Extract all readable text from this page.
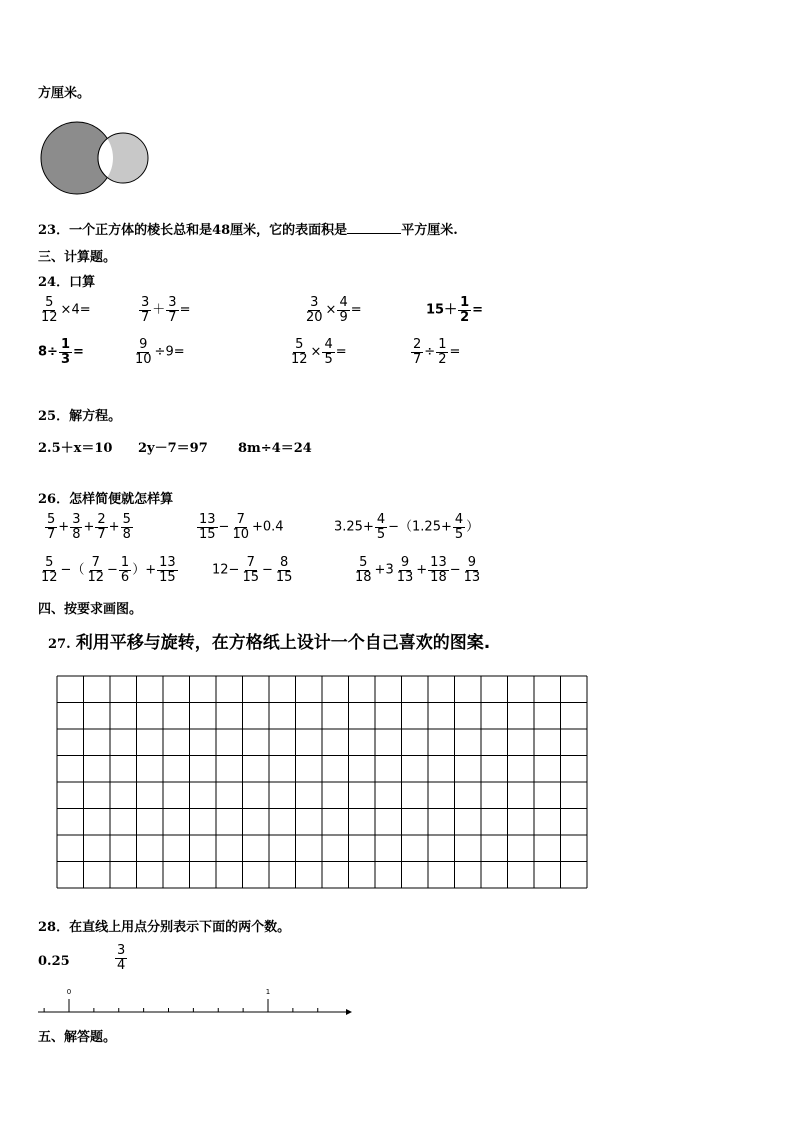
方厘米。
23．一个正方体的棱长总和是48厘米，它的表面积是	平方厘米.
三、计算题。
24．口算
$\frac{5}{12} \times 4=$	$\frac{3}{7} + \frac{3}{7}$ =	$\frac{3}{20} \times \frac{4}{9}$ =	$15+ \frac{1}{2}$ =
$8\div \frac{1}{3}$ =	$\frac{9}{10} \div 9=$	$\frac{5}{12} \times \frac{4}{5}$ =	$\frac{2}{7} \div \frac{1}{2}$ =
25．解方程。
2.5＋x＝10 2y－7＝97 8m÷4＝24
26．怎样简便就怎样算
$\frac{5}{7} + \frac{3}{8} + \frac{2}{7} + \frac{5}{8}$	$\frac{13}{15} - \frac{7}{10} +0.4$	$3.25+ \frac{4}{5} -(1.25+ \frac{4}{5}$ ）
$\frac{5}{12}$ −（ $\frac{7}{12} - \frac{1}{6}$ ）+ $\frac{13}{15}$	$12- \frac{7}{15} - \frac{8}{15}$	$\frac{5}{18} +3 \frac{9}{13} + \frac{13}{18} - \frac{9}{13}$
四、按要求画图。
27. 利用平移与旋转，在方格纸上设计一个自己喜欢的图案.
28．在直线上用点分别表示下面的两个数。
0.25	$\frac{3}{4}$
0	1
五、解答题。
